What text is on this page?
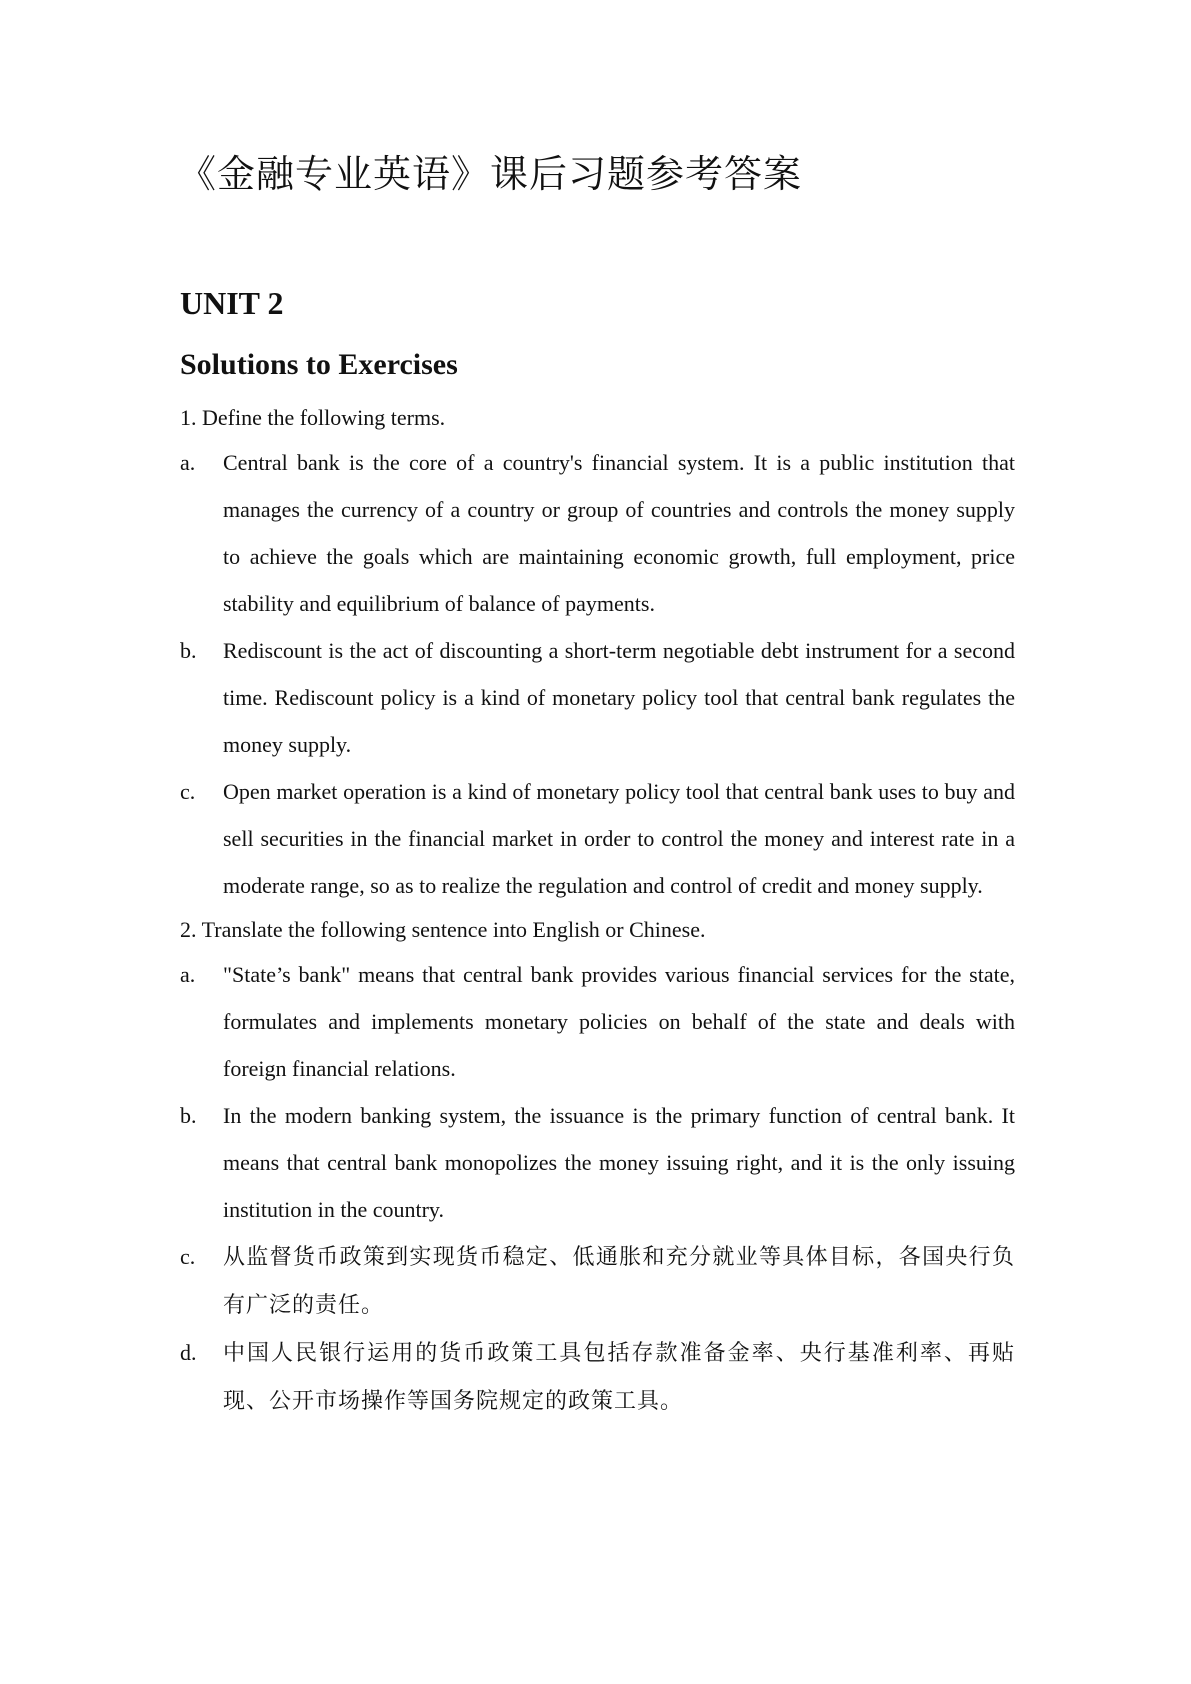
《金融专业英语》课后习题参考答案
UNIT 2
Solutions to Exercises

1. Define the following terms.

a. Central bank is the core of a country's financial system. It is a public institution that manages the currency of a country or group of countries and controls the money supply to achieve the goals which are maintaining economic growth, full employment, price stability and equilibrium of balance of payments.
b. Rediscount is the act of discounting a short-term negotiable debt instrument for a second time. Rediscount policy is a kind of monetary policy tool that central bank regulates the money supply.
c. Open market operation is a kind of monetary policy tool that central bank uses to buy and sell securities in the financial market in order to control the money and interest rate in a moderate range, so as to realize the regulation and control of credit and money supply.

2. Translate the following sentence into English or Chinese.

a. "State’s bank" means that central bank provides various financial services for the state, formulates and implements monetary policies on behalf of the state and deals with foreign financial relations.
b. In the modern banking system, the issuance is the primary function of central bank. It means that central bank monopolizes the money issuing right, and it is the only issuing institution in the country.
c. 从监督货币政策到实现货币稳定、低通胀和充分就业等具体目标，各国央行负有广泛的责任。
d. 中国人民银行运用的货币政策工具包括存款准备金率、央行基准利率、再贴现、公开市场操作等国务院规定的政策工具。
